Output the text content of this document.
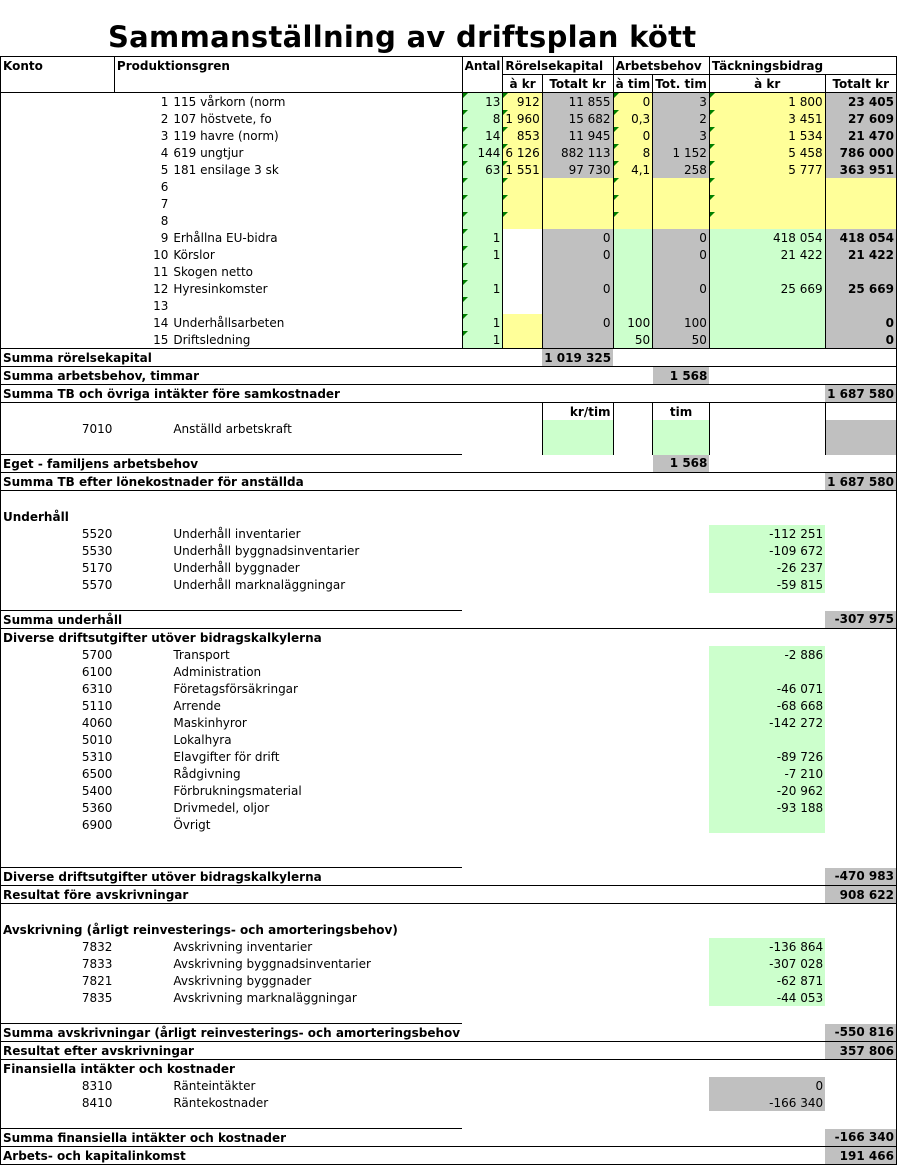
Sammanställning av driftsplan kött
Konto	Produktionsgren		Antal	Rörelsekapital		Arbetsbehov		Täckningsbidrag	
				à kr	Totalt kr	à tim	Tot. tim	à kr	Totalt kr
1		115 vårkorn (norm	13	912	11 855	0	3	1 800	23 405
2		107 höstvete, fo	8	1 960	15 682	0,3	2	3 451	27 609
3		119 havre (norm)	14	853	11 945	0	3	1 534	21 470
4		619 ungtjur	144	6 126	882 113	8	1 152	5 458	786 000
5		181 ensilage 3 sk	63	1 551	97 730	4,1	258	5 777	363 951
6									
7									
8									
9		Erhållna EU-bidra	1		0		0	418 054	418 054
10		Körslor	1		0		0	21 422	21 422
11		Skogen netto							
12		Hyresinkomster	1		0		0	25 669	25 669
13									
14		Underhållsarbeten	1		0	100	100		0
15		Driftsledning	1			50	50		0
Summa rörelsekapital					1 019 325				
Summa arbetsbehov, timmar							1 568		
Summa TB och övriga intäkter före samkostnader									1 687 580
					kr/tim		tim		
7010		Anställd arbetskraft							

Eget - familjens arbetsbehov							1 568		
Summa TB efter lönekostnader för anställda									1 687 580

Underhåll									
5520		Underhåll inventarier						-112 251	
5530		Underhåll byggnadsinventarier						-109 672	
5170		Underhåll byggnader						-26 237	
5570		Underhåll marknaläggningar						-59 815	

Summa underhåll									-307 975
Diverse driftsutgifter utöver bidragskalkylerna									
5700		Transport						-2 886	
6100		Administration							
6310		Företagsförsäkringar						-46 071	
5110		Arrende						-68 668	
4060		Maskinhyror						-142 272	
5010		Lokalhyra							
5310		Elavgifter för drift						-89 726	
6500		Rådgivning						-7 210	
5400		Förbrukningsmaterial						-20 962	
5360		Drivmedel, oljor						-93 188	
6900		Övrigt							

Diverse driftsutgifter utöver bidragskalkylerna									-470 983
Resultat före avskrivningar									908 622

Avskrivning (årligt reinvesterings- och amorteringsbehov)									
7832		Avskrivning inventarier						-136 864	
7833		Avskrivning byggnadsinventarier						-307 028	
7821		Avskrivning byggnader						-62 871	
7835		Avskrivning marknaläggningar						-44 053	

Summa avskrivningar (årligt reinvesterings- och amorteringsbehov									-550 816
Resultat efter avskrivningar									357 806
Finansiella intäkter och kostnader									
8310		Ränteintäkter						0	
8410		Räntekostnader						-166 340	

Summa finansiella intäkter och kostnader									-166 340
Arbets- och kapitalinkomst									191 466
